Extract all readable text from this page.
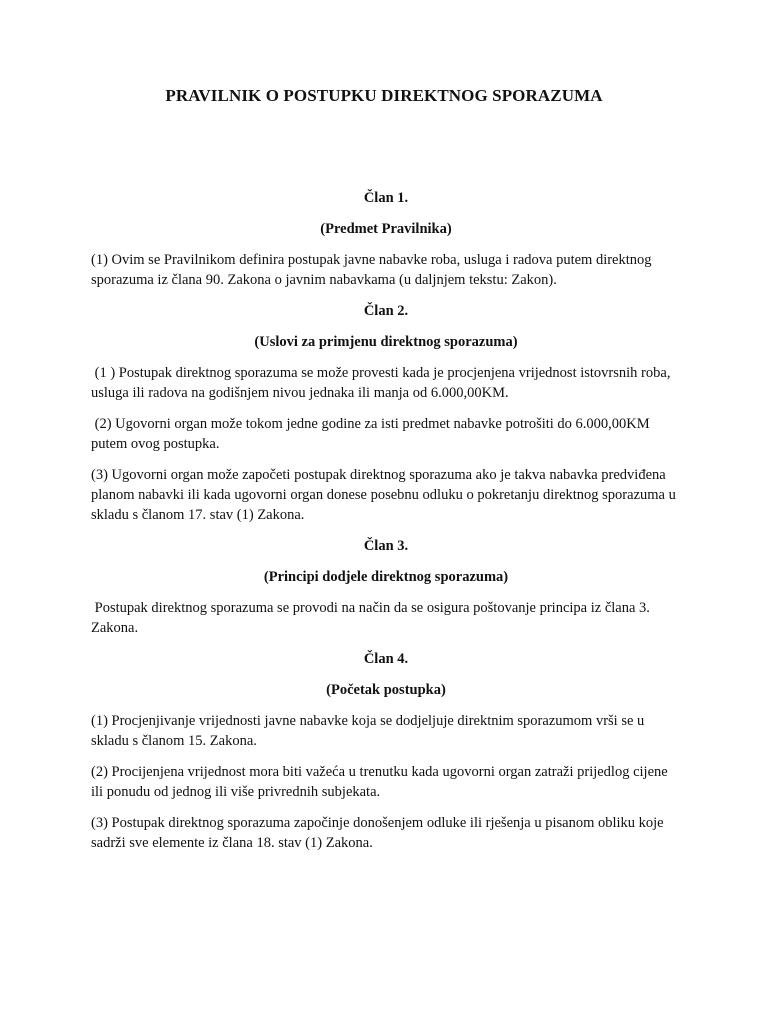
PRAVILNIK O POSTUPKU DIREKTNOG SPORAZUMA

Član 1.

(Predmet Pravilnika)

(1) Ovim se Pravilnikom definira postupak javne nabavke roba, usluga i radova putem direktnog sporazuma iz člana 90. Zakona o javnim nabavkama (u daljnjem tekstu: Zakon).

Član 2.

(Uslovi za primjenu direktnog sporazuma)

(1 ) Postupak direktnog sporazuma se može provesti kada je procjenjena vrijednost istovrsnih roba, usluga ili radova na godišnjem nivou jednaka ili manja od 6.000,00KM.

(2) Ugovorni organ može tokom jedne godine za isti predmet nabavke potrošiti do 6.000,00KM putem ovog postupka.

(3) Ugovorni organ može započeti postupak direktnog sporazuma ako je takva nabavka predviđena planom nabavki ili kada ugovorni organ donese posebnu odluku o pokretanju direktnog sporazuma u skladu s članom 17. stav (1) Zakona.

Član 3.

(Principi dodjele direktnog sporazuma)

Postupak direktnog sporazuma se provodi na način da se osigura poštovanje principa iz člana 3. Zakona.

Član 4.

(Početak postupka)

(1) Procjenjivanje vrijednosti javne nabavke koja se dodjeljuje direktnim sporazumom vrši se u skladu s članom 15. Zakona.

(2) Procijenjena vrijednost mora biti važeća u trenutku kada ugovorni organ zatraži prijedlog cijene ili ponudu od jednog ili više privrednih subjekata.

(3) Postupak direktnog sporazuma započinje donošenjem odluke ili rješenja u pisanom obliku koje sadrži sve elemente iz člana 18. stav (1) Zakona.
